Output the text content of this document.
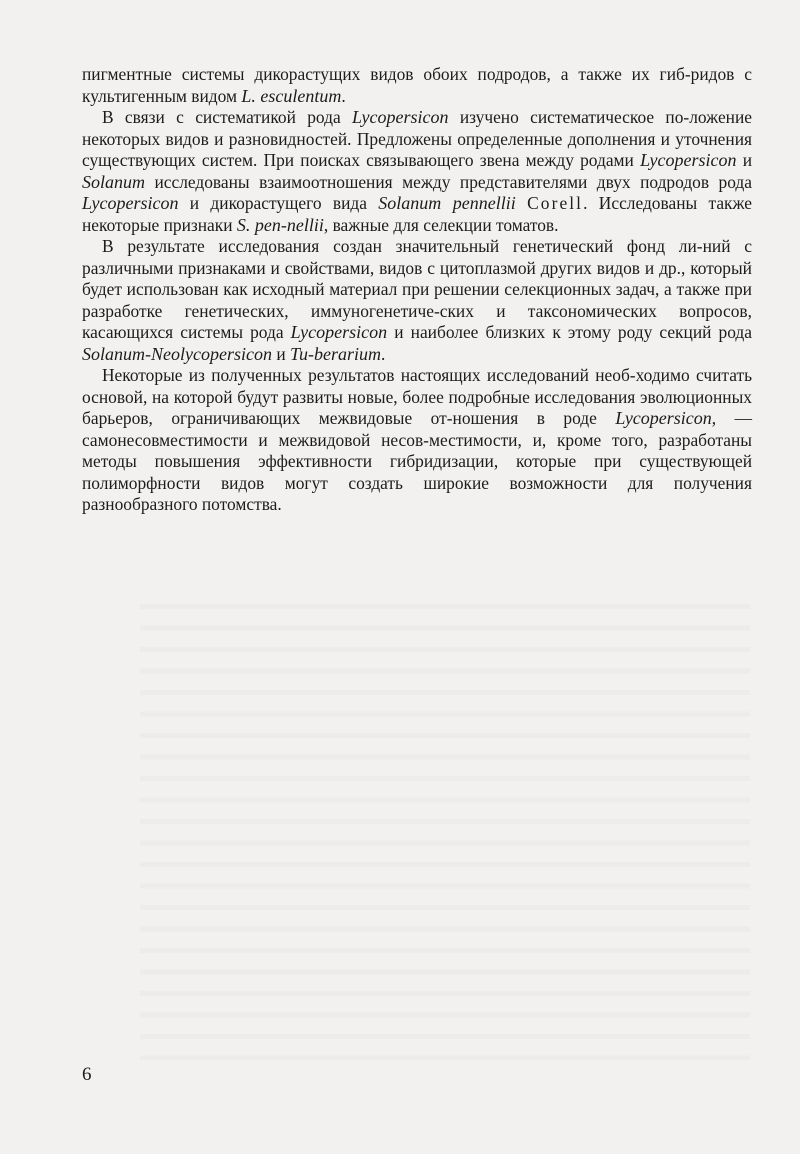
пигментные системы дикорастущих видов обоих подродов, а также их гиб-ридов с культигенным видом L. esculentum.

В связи с систематикой рода Lycopersicon изучено систематическое по-ложение некоторых видов и разновидностей. Предложены определенные дополнения и уточнения существующих систем. При поисках связывающего звена между родами Lycopersicon и Solanum исследованы взаимоотношения между представителями двух подродов рода Lycopersicon и дикорастущего вида Solanum pennellii Corell. Исследованы также некоторые признаки S. pen-nellii, важные для селекции томатов.

В результате исследования создан значительный генетический фонд ли-ний с различными признаками и свойствами, видов с цитоплазмой других видов и др., который будет использован как исходный материал при решении селекционных задач, а также при разработке генетических, иммуногенетиче-ских и таксономических вопросов, касающихся системы рода Lycopersicon и наиболее близких к этому роду секций рода Solanum-Neolycopersicon и Tu-berarium.

Некоторые из полученных результатов настоящих исследований необ-ходимо считать основой, на которой будут развиты новые, более подробные исследования эволюционных барьеров, ограничивающих межвидовые от-ношения в роде Lycopersicon, — самонесовместимости и межвидовой несов-местимости, и, кроме того, разработаны методы повышения эффективности гибридизации, которые при существующей полиморфности видов могут создать широкие возможности для получения разнообразного потомства.

6
